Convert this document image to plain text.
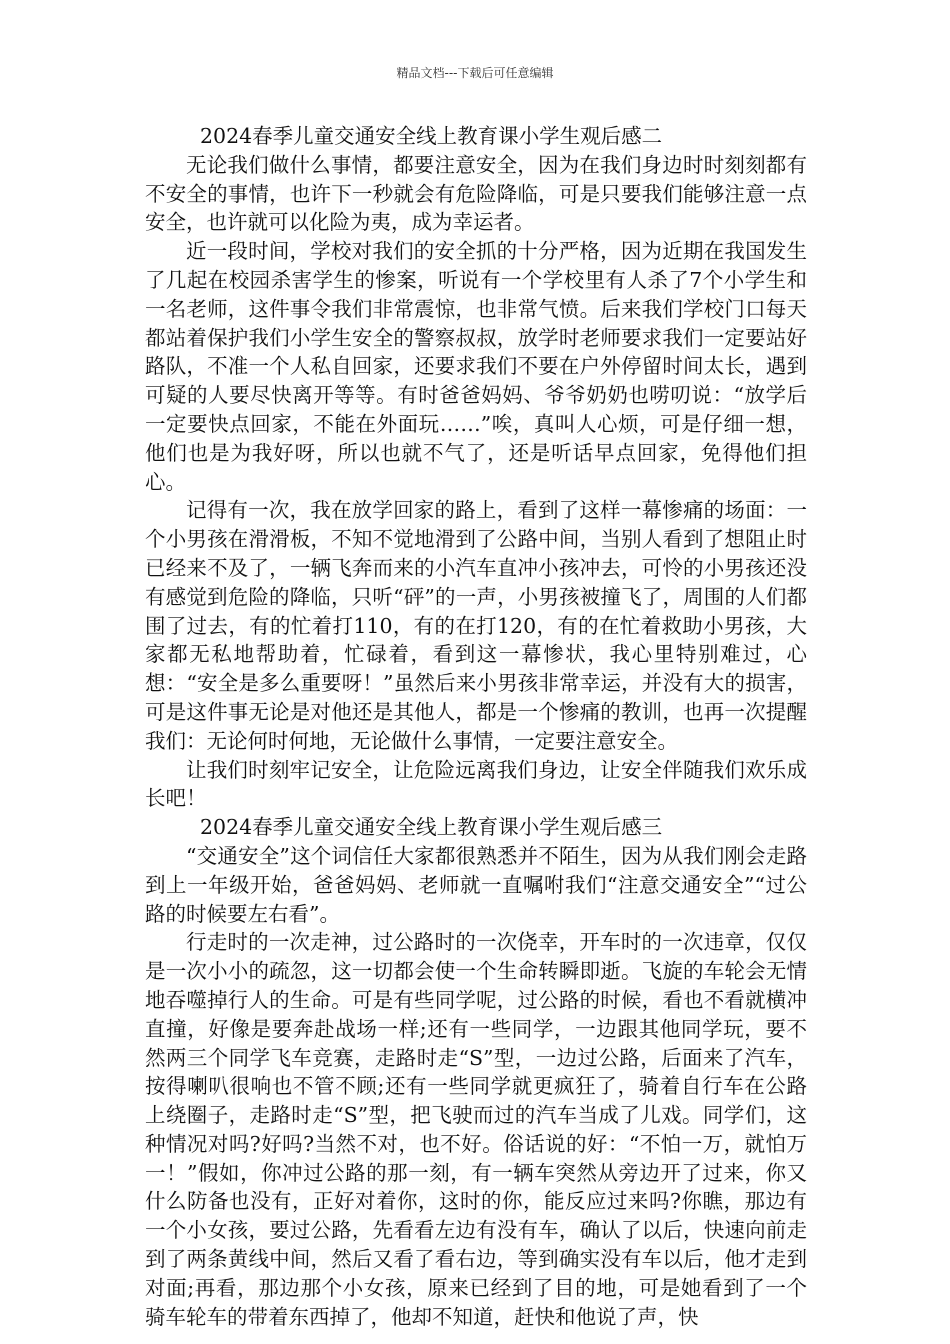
精品文档---下载后可任意编辑

2024春季儿童交通安全线上教育课小学生观后感二

无论我们做什么事情，都要注意安全，因为在我们身边时时刻刻都有不安全的事情，也许下一秒就会有危险降临，可是只要我们能够注意一点安全，也许就可以化险为夷，成为幸运者。

近一段时间，学校对我们的安全抓的十分严格，因为近期在我国发生了几起在校园杀害学生的惨案，听说有一个学校里有人杀了7个小学生和一名老师，这件事令我们非常震惊，也非常气愤。后来我们学校门口每天都站着保护我们小学生安全的警察叔叔，放学时老师要求我们一定要站好路队，不准一个人私自回家，还要求我们不要在户外停留时间太长，遇到可疑的人要尽快离开等等。有时爸爸妈妈、爷爷奶奶也唠叨说：“放学后一定要快点回家，不能在外面玩……”唉，真叫人心烦，可是仔细一想，他们也是为我好呀，所以也就不气了，还是听话早点回家，免得他们担心。

记得有一次，我在放学回家的路上，看到了这样一幕惨痛的场面：一个小男孩在滑滑板，不知不觉地滑到了公路中间，当别人看到了想阻止时已经来不及了，一辆飞奔而来的小汽车直冲小孩冲去，可怜的小男孩还没有感觉到危险的降临，只听“砰”的一声，小男孩被撞飞了，周围的人们都围了过去，有的忙着打110，有的在打120，有的在忙着救助小男孩，大家都无私地帮助着，忙碌着，看到这一幕惨状，我心里特别难过，心想：“安全是多么重要呀！”虽然后来小男孩非常幸运，并没有大的损害，可是这件事无论是对他还是其他人，都是一个惨痛的教训，也再一次提醒我们：无论何时何地，无论做什么事情，一定要注意安全。

让我们时刻牢记安全，让危险远离我们身边，让安全伴随我们欢乐成长吧！

2024春季儿童交通安全线上教育课小学生观后感三

“交通安全”这个词信任大家都很熟悉并不陌生，因为从我们刚会走路到上一年级开始，爸爸妈妈、老师就一直嘱咐我们“注意交通安全”“过公路的时候要左右看”。

行走时的一次走神，过公路时的一次侥幸，开车时的一次违章，仅仅是一次小小的疏忽，这一切都会使一个生命转瞬即逝。飞旋的车轮会无情地吞噬掉行人的生命。可是有些同学呢，过公路的时候，看也不看就横冲直撞，好像是要奔赴战场一样;还有一些同学，一边跟其他同学玩，要不然两三个同学飞车竞赛，走路时走“S”型，一边过公路，后面来了汽车，按得喇叭很响也不管不顾;还有一些同学就更疯狂了，骑着自行车在公路上绕圈子，走路时走“S”型，把飞驶而过的汽车当成了儿戏。同学们，这种情况对吗?好吗?当然不对，也不好。俗话说的好：“不怕一万，就怕万一！”假如，你冲过公路的那一刻，有一辆车突然从旁边开了过来，你又什么防备也没有，正好对着你，这时的你，能反应过来吗?你瞧，那边有一个小女孩，要过公路，先看看左边有没有车，确认了以后，快速向前走到了两条黄线中间，然后又看了看右边，等到确实没有车以后，他才走到对面;再看，那边那个小女孩，原来已经到了目的地，可是她看到了一个骑车轮车的带着东西掉了，他却不知道，赶快和他说了声，快
